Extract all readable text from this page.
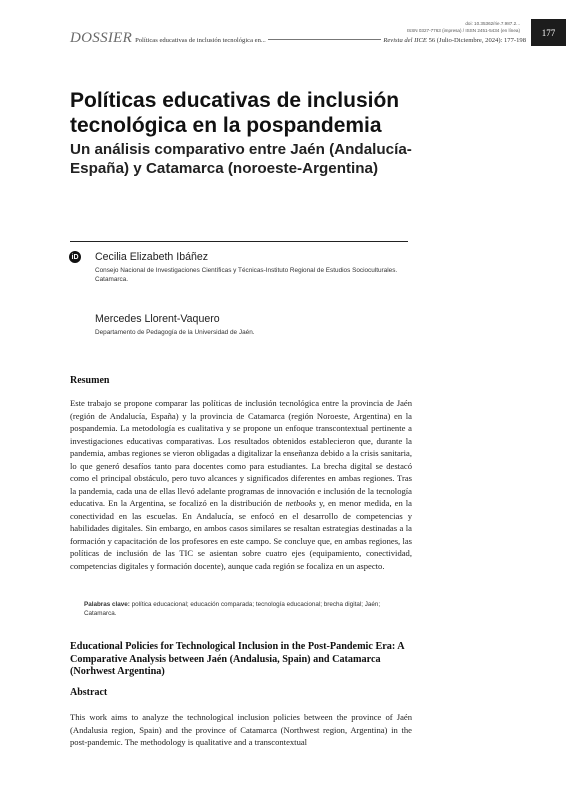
doi: 10.35362/rie.7.987.2...
ISSN 0327-7763 (impresa) / ISSN 2451-5434 (en línea) 177
DOSSIER Políticas educativas de inclusión tecnológica en...	Revista del IICE 56 (Julio-Diciembre, 2024): 177-198
Políticas educativas de inclusión tecnológica en la pospandemia
Un análisis comparativo entre Jaén (Andalucía-España) y Catamarca (noroeste-Argentina)
iD Cecilia Elizabeth Ibáñez
Consejo Nacional de Investigaciones Científicas y Técnicas-Instituto Regional de Estudios Socioculturales. Catamarca.
Mercedes Llorent-Vaquero
Departamento de Pedagogía de la Universidad de Jaén.
Resumen

Este trabajo se propone comparar las políticas de inclusión tecnológica entre la provincia de Jaén (región de Andalucía, España) y la provincia de Catamarca (región Noroeste, Argentina) en la pospandemia. La metodología es cualitativa y se propone un enfoque transcontextual pertinente a investigaciones educativas comparativas. Los resultados obtenidos establecieron que, durante la pandemia, ambas regiones se vieron obligadas a digitalizar la enseñanza debido a la crisis sanitaria, lo que generó desafíos tanto para docentes como para estudiantes. La brecha digital se destacó como el principal obstáculo, pero tuvo alcances y significados diferentes en ambas regiones. Tras la pandemia, cada una de ellas llevó adelante programas de innovación e inclusión de la tecnología educativa. En la Argentina, se focalizó en la distribución de netbooks y, en menor medida, en la conectividad en las escuelas. En Andalucía, se enfocó en el desarrollo de competencias y habilidades digitales. Sin embargo, en ambos casos similares se resaltan estrategias destinadas a la formación y capacitación de los profesores en este campo. Se concluye que, en ambas regiones, las políticas de inclusión de las TIC se asientan sobre cuatro ejes (equipamiento, conectividad, competencias digitales y formación docente), aunque cada región se focaliza en un aspecto.

Palabras clave: política educacional; educación comparada; tecnología educacional; brecha digital; Jaén; Catamarca.
Educational Policies for Technological Inclusion in the Post-Pandemic Era: A Comparative Analysis between Jaén (Andalusia, Spain) and Catamarca (Norhwest Argentina)
Abstract

This work aims to analyze the technological inclusion policies between the province of Jaén (Andalusia region, Spain) and the province of Catamarca (Northwest region, Argentina) in the post-pandemic. The methodology is qualitative and a transcontextual
